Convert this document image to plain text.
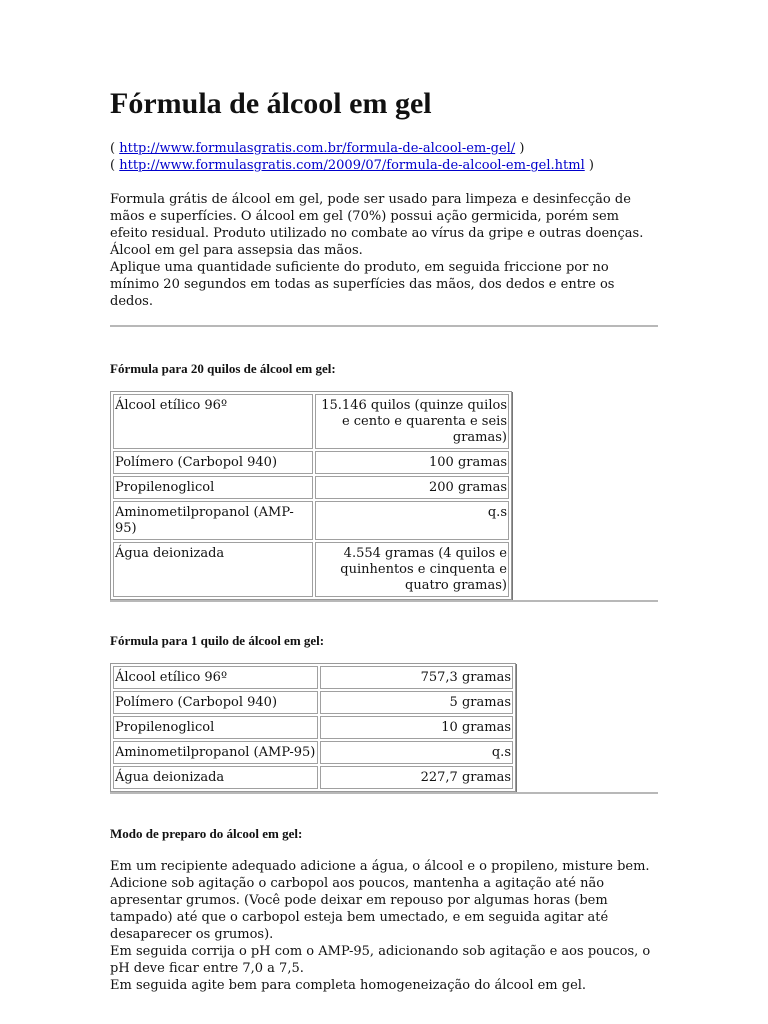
Fórmula de álcool em gel
( http://www.formulasgratis.com.br/formula-de-alcool-em-gel/ )
( http://www.formulasgratis.com/2009/07/formula-de-alcool-em-gel.html )

Formula grátis de álcool em gel, pode ser usado para limpeza e desinfecção de mãos e superfícies. O álcool em gel (70%) possui ação germicida, porém sem efeito residual. Produto utilizado no combate ao vírus da gripe e outras doenças. Álcool em gel para assepsia das mãos.

Aplique uma quantidade suficiente do produto, em seguida friccione por no mínimo 20 segundos em todas as superfícies das mãos, dos dedos e entre os dedos.

Fórmula para 20 quilos de álcool em gel:
Álcool etílico 96º	15.146 quilos (quinze quilos e cento e quarenta e seis gramas)
Polímero (Carbopol 940)	100 gramas
Propilenoglicol	200 gramas
Aminometilpropanol (AMP-95)	q.s
Água deionizada	4.554 gramas (4 quilos e quinhentos e cinquenta e quatro gramas)
Fórmula para 1 quilo de álcool em gel:
Álcool etílico 96º	757,3 gramas
Polímero (Carbopol 940)	5 gramas
Propilenoglicol	10 gramas
Aminometilpropanol (AMP-95)	q.s
Água deionizada	227,7 gramas
Modo de preparo do álcool em gel:

Em um recipiente adequado adicione a água, o álcool e o propileno, misture bem.

Adicione sob agitação o carbopol aos poucos, mantenha a agitação até não apresentar grumos. (Você pode deixar em repouso por algumas horas (bem tampado) até que o carbopol esteja bem umectado, e em seguida agitar até desaparecer os grumos).

Em seguida corrija o pH com o AMP-95, adicionando sob agitação e aos poucos, o pH deve ficar entre 7,0 a 7,5.

Em seguida agite bem para completa homogeneização do álcool em gel.
